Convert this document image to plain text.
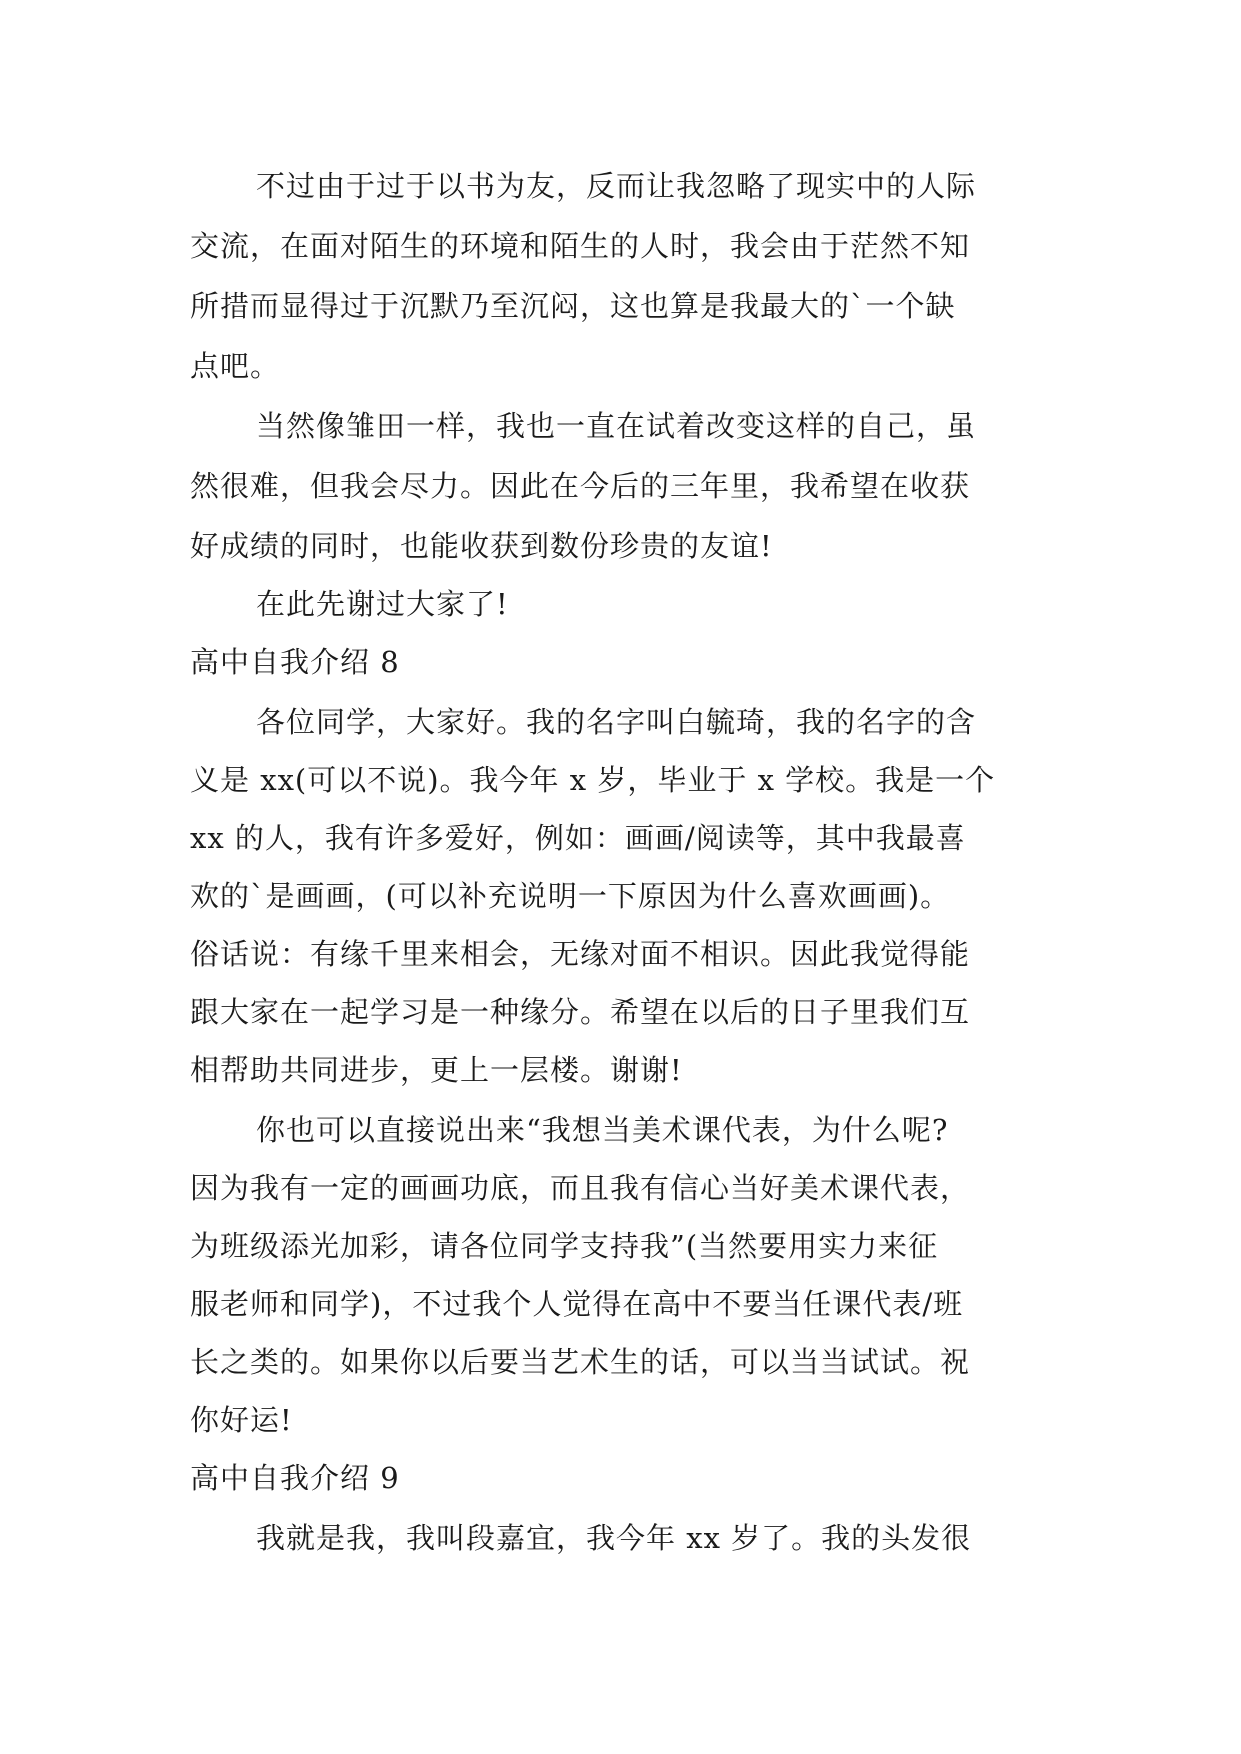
不过由于过于以书为友，反而让我忽略了现实中的人际
交流，在面对陌生的环境和陌生的人时，我会由于茫然不知
所措而显得过于沉默乃至沉闷，这也算是我最大的`一个缺
点吧。
当然像雏田一样，我也一直在试着改变这样的自己，虽
然很难，但我会尽力。因此在今后的三年里，我希望在收获
好成绩的同时，也能收获到数份珍贵的友谊!
在此先谢过大家了!
高中自我介绍 8
各位同学，大家好。我的名字叫白毓琦，我的名字的含
义是 xx(可以不说)。我今年 x 岁，毕业于 x 学校。我是一个
xx 的人，我有许多爱好，例如：画画/阅读等，其中我最喜
欢的`是画画，(可以补充说明一下原因为什么喜欢画画)。
俗话说：有缘千里来相会，无缘对面不相识。因此我觉得能
跟大家在一起学习是一种缘分。希望在以后的日子里我们互
相帮助共同进步，更上一层楼。谢谢!
你也可以直接说出来“我想当美术课代表，为什么呢?
因为我有一定的画画功底，而且我有信心当好美术课代表，
为班级添光加彩，请各位同学支持我”(当然要用实力来征
服老师和同学)，不过我个人觉得在高中不要当任课代表/班
长之类的。如果你以后要当艺术生的话，可以当当试试。祝
你好运!
高中自我介绍 9
我就是我，我叫段嘉宜，我今年 xx 岁了。我的头发很
